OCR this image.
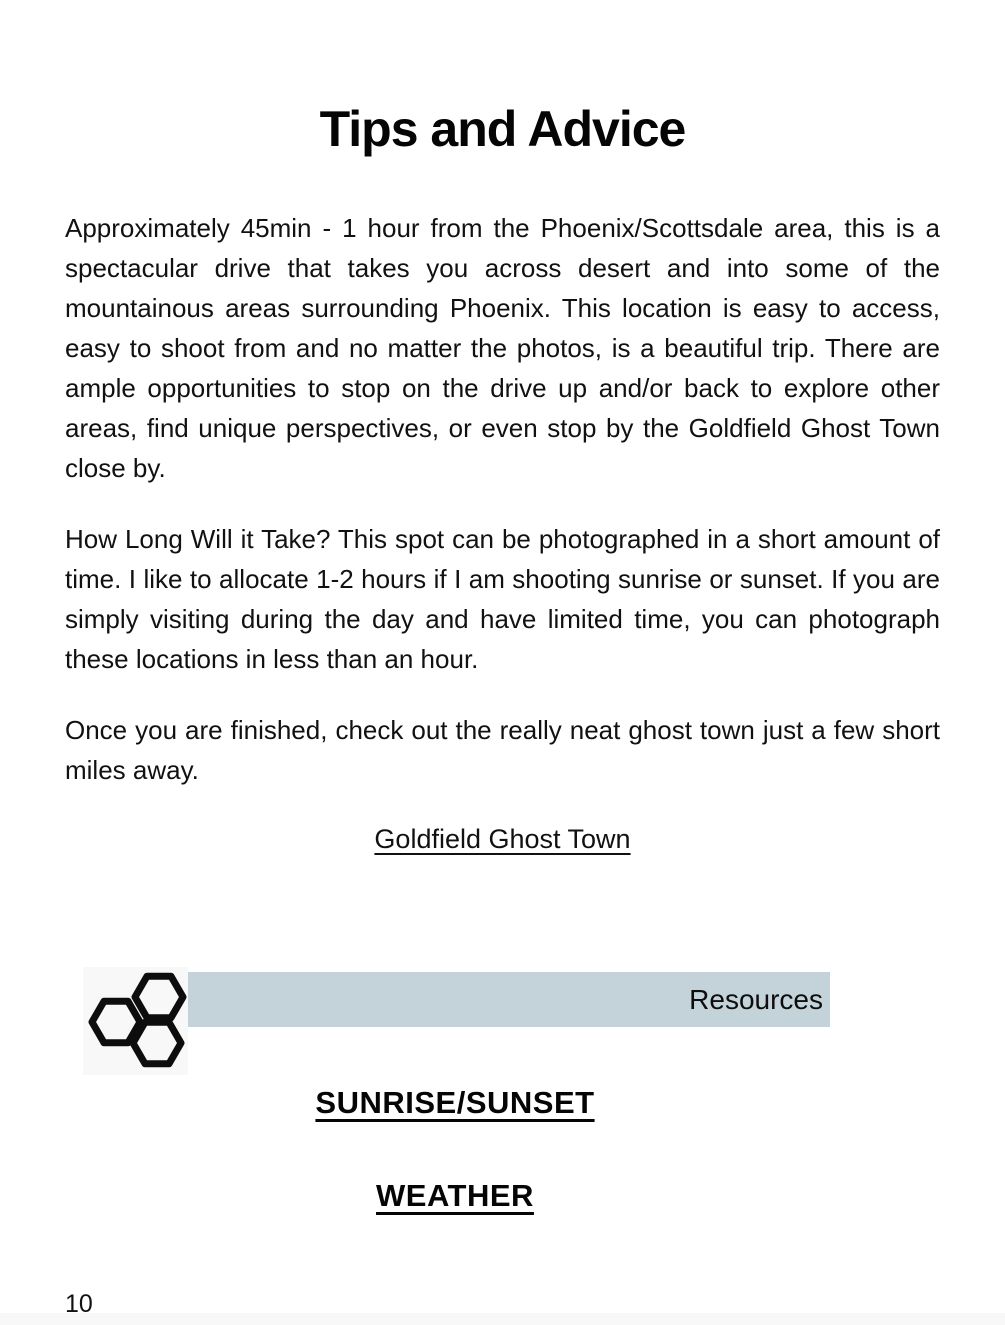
Tips and Advice

Approximately 45min - 1 hour from the Phoenix/Scottsdale area, this is a spectacular drive that takes you across desert and into some of the mountainous areas surrounding Phoenix. This location is easy to access, easy to shoot from and no matter the photos, is a beautiful trip. There are ample opportunities to stop on the drive up and/or back to explore other areas, find unique perspectives, or even stop by the Goldfield Ghost Town close by.

How Long Will it Take? This spot can be photographed in a short amount of time. I like to allocate 1-2 hours if I am shooting sunrise or sunset. If you are simply visiting during the day and have limited time, you can photograph these locations in less than an hour.

Once you are finished, check out the really neat ghost town just a few short miles away.

Goldfield Ghost Town
Resources
SUNRISE/SUNSET
WEATHER
10
